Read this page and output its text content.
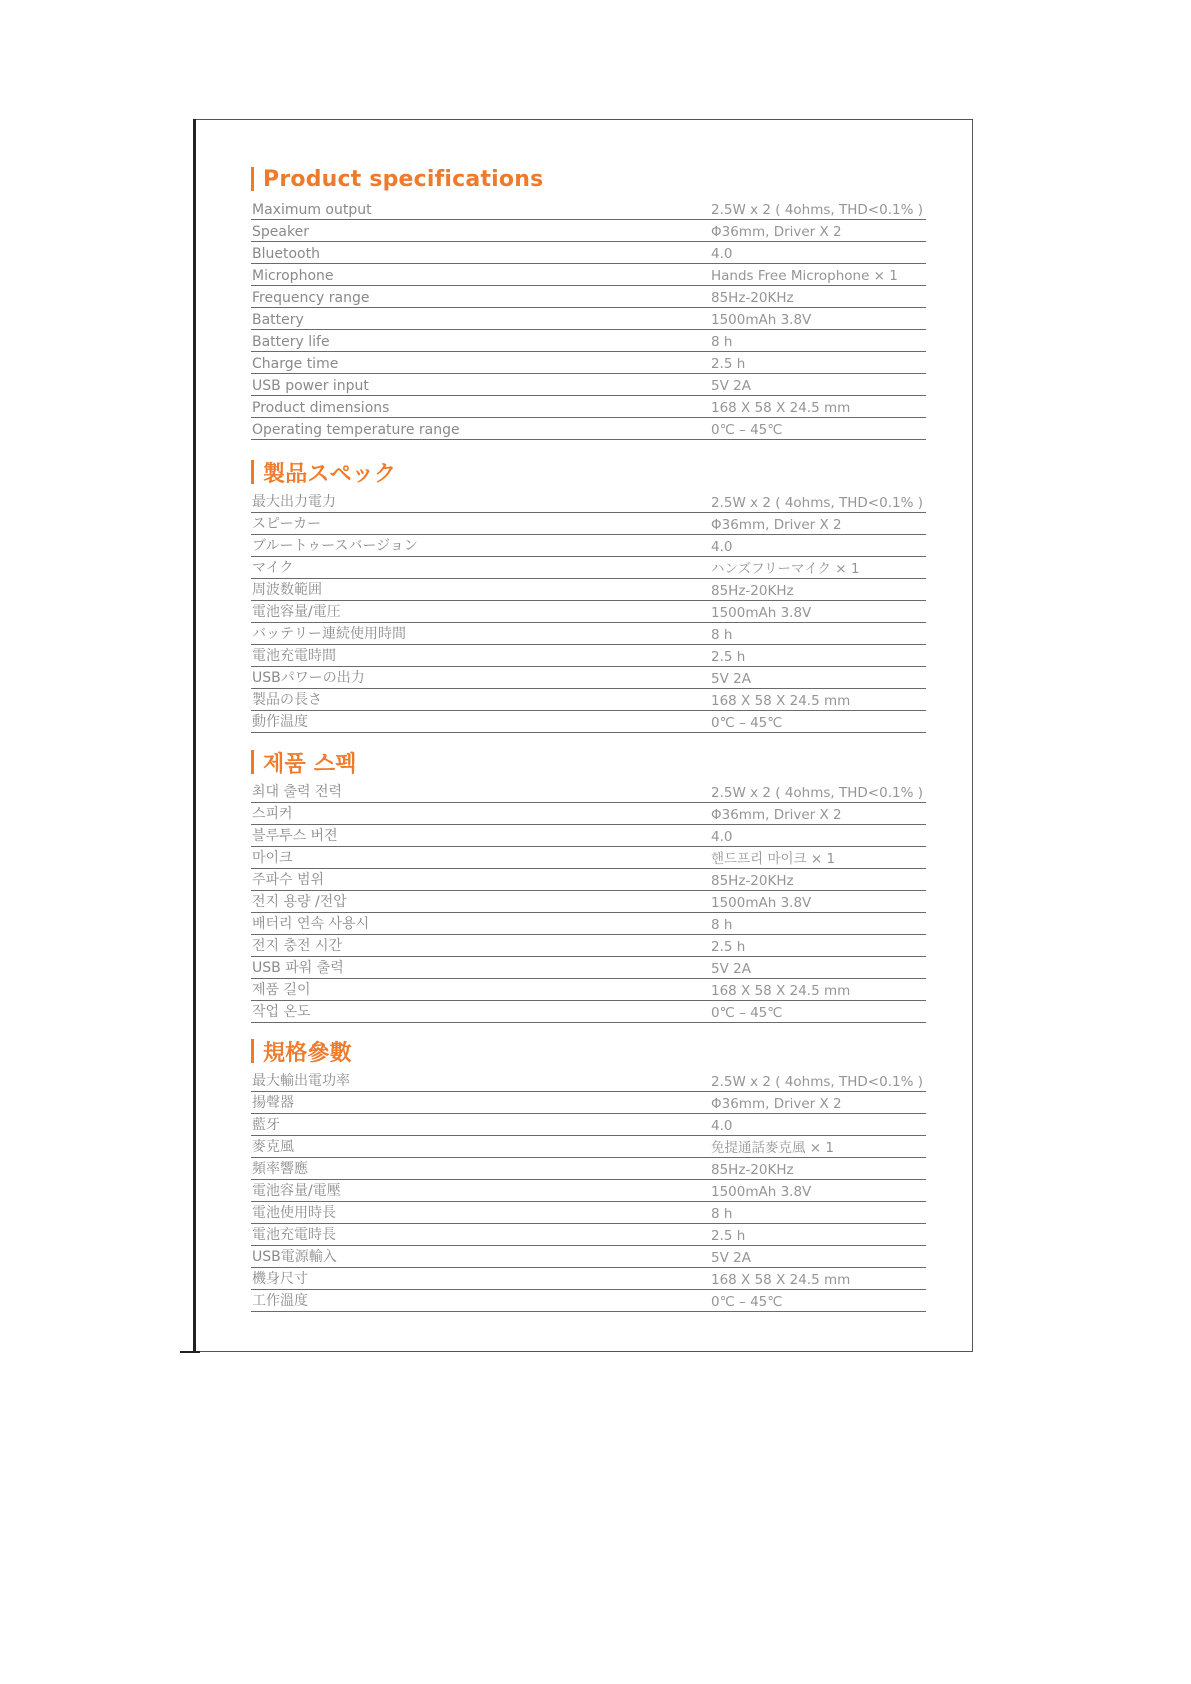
Product specifications
Maximum output	2.5W x 2 ( 4ohms, THD<0.1% )
Speaker	Φ36mm, Driver X 2
Bluetooth	4.0
Microphone	Hands Free Microphone × 1
Frequency range	85Hz-20KHz
Battery	1500mAh 3.8V
Battery life	8 h
Charge time	2.5 h
USB power input	5V 2A
Product dimensions	168 X 58 X 24.5 mm
Operating temperature range	0℃ – 45℃
製品スペック
最大出力電力	2.5W x 2 ( 4ohms, THD<0.1% )
スピーカー	Φ36mm, Driver X 2
ブルートゥースバージョン	4.0
マイク	ハンズフリーマイク × 1
周波数範囲	85Hz-20KHz
電池容量/電圧	1500mAh 3.8V
バッテリー連続使用時間	8 h
電池充電時間	2.5 h
USBパワーの出力	5V 2A
製品の長さ	168 X 58 X 24.5 mm
動作温度	0℃ – 45℃
제품 스펙
최대 출력 전력	2.5W x 2 ( 4ohms, THD<0.1% )
스피커	Φ36mm, Driver X 2
블루투스 버젼	4.0
마이크	핸드프리 마이크 × 1
주파수 범위	85Hz-20KHz
전지 용량 /전압	1500mAh 3.8V
배터리 연속 사용시	8 h
전지 충전 시간	2.5 h
USB 파워 출력	5V 2A
제품 길이	168 X 58 X 24.5 mm
작업 온도	0℃ – 45℃
規格參數
最大輸出電功率	2.5W x 2 ( 4ohms, THD<0.1% )
揚聲器	Φ36mm, Driver X 2
藍牙	4.0
麥克風	免提通話麥克風 × 1
頻率響應	85Hz-20KHz
電池容量/電壓	1500mAh 3.8V
電池使用時長	8 h
電池充電時長	2.5 h
USB電源輸入	5V 2A
機身尺寸	168 X 58 X 24.5 mm
工作溫度	0℃ – 45℃
